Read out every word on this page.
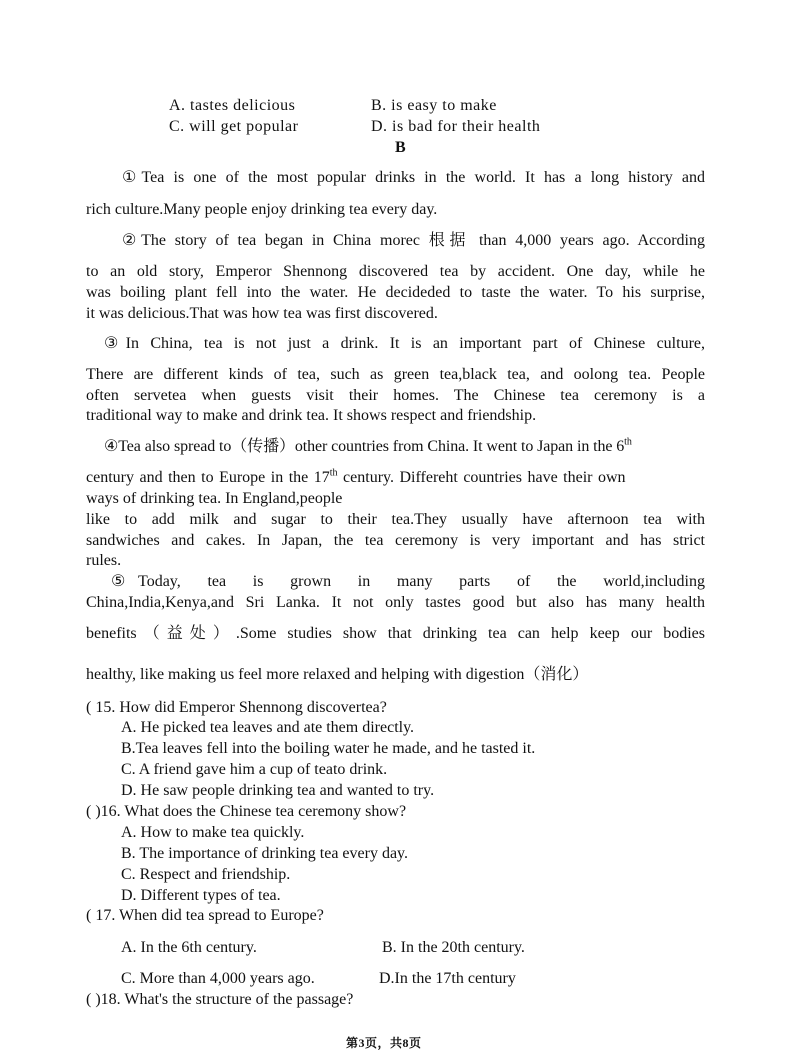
A. tastes delicious	B. is easy to make
C. will get popular	D. is bad for their health
B
①Tea is one of the most popular drinks in the world. It has a long history and
rich culture.Many people enjoy drinking tea every day.
②The story of tea began in China morec 根据 than 4,000 years ago. According
to an old story, Emperor Shennong discovered tea by accident. One day, while he
was boiling plant fell into the water. He decideded to taste the water. To his surprise,
it was delicious.That was how tea was first discovered.
③In China, tea is not just a drink. It is an important part of Chinese culture,
There are different kinds of tea, such as green tea,black tea, and oolong tea. People
often servetea when guests visit their homes. The Chinese tea ceremony is a
traditional way to make and drink tea. It shows respect and friendship.
④Tea also spread to（传播）other countries from China. It went to Japan in the 6th
century and then to Europe in the 17th century. Differeht countries have their own
ways of drinking tea. In England,people
like to add milk and sugar to their tea.They usually have afternoon tea with
sandwiches and cakes. In Japan, the tea ceremony is very important and has strict
rules.
⑤Today, tea is grown in many parts of the world,including
China,India,Kenya,and Sri Lanka. It not only tastes good but also has many health
benefits（益处）.Some studies show that drinking tea can help keep our bodies
healthy, like making us feel more relaxed and helping with digestion（消化）
( 15. How did Emperor Shennong discovertea?
A. He picked tea leaves and ate them directly.
B.Tea leaves fell into the boiling water he made, and he tasted it.
C. A friend gave him a cup of teato drink.
D. He saw people drinking tea and wanted to try.
( )16. What does the Chinese tea ceremony show?
A. How to make tea quickly.
B. The importance of drinking tea every day.
C. Respect and friendship.
D. Different types of tea.
( 17. When did tea spread to Europe?
A. In the 6th century.	B. In the 20th century.
C. More than 4,000 years ago.	D.In the 17th century
( )18. What's the structure of the passage?
第3页，共8页
